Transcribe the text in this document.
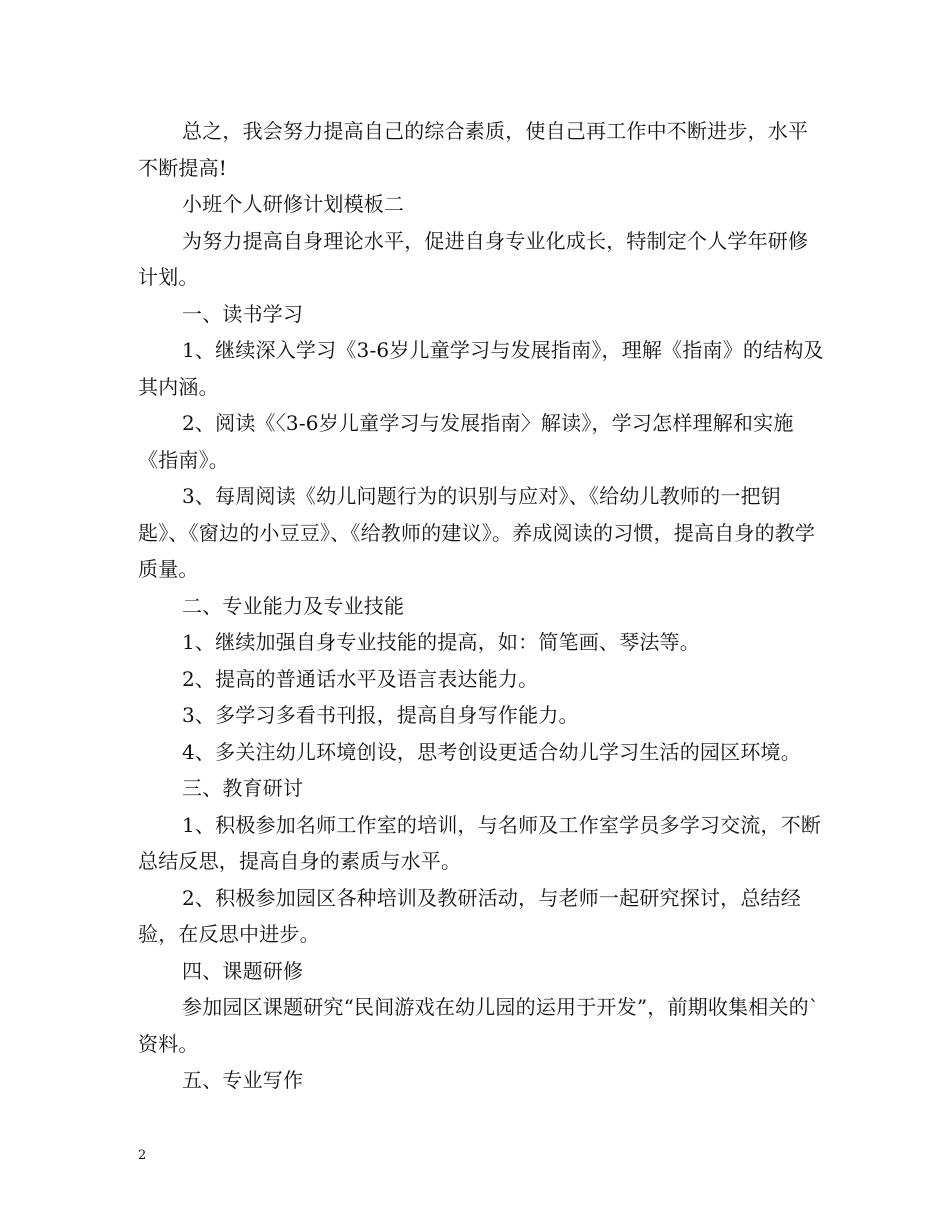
总之，我会努力提高自己的综合素质，使自己再工作中不断进步，水平不断提高!

小班个人研修计划模板二

为努力提高自身理论水平，促进自身专业化成长，特制定个人学年研修计划。

一、读书学习

1、继续深入学习《3-6岁儿童学习与发展指南》，理解《指南》的结构及其内涵。

2、阅读《〈3-6岁儿童学习与发展指南〉解读》，学习怎样理解和实施《指南》。

3、每周阅读《幼儿问题行为的识别与应对》、《给幼儿教师的一把钥匙》、《窗边的小豆豆》、《给教师的建议》。养成阅读的习惯，提高自身的教学质量。

二、专业能力及专业技能

1、继续加强自身专业技能的提高，如：简笔画、琴法等。

2、提高的普通话水平及语言表达能力。

3、多学习多看书刊报，提高自身写作能力。

4、多关注幼儿环境创设，思考创设更适合幼儿学习生活的园区环境。

三、教育研讨

1、积极参加名师工作室的培训，与名师及工作室学员多学习交流，不断总结反思，提高自身的素质与水平。

2、积极参加园区各种培训及教研活动，与老师一起研究探讨，总结经验，在反思中进步。

四、课题研修

参加园区课题研究“民间游戏在幼儿园的运用于开发”，前期收集相关的`资料。

五、专业写作

2
